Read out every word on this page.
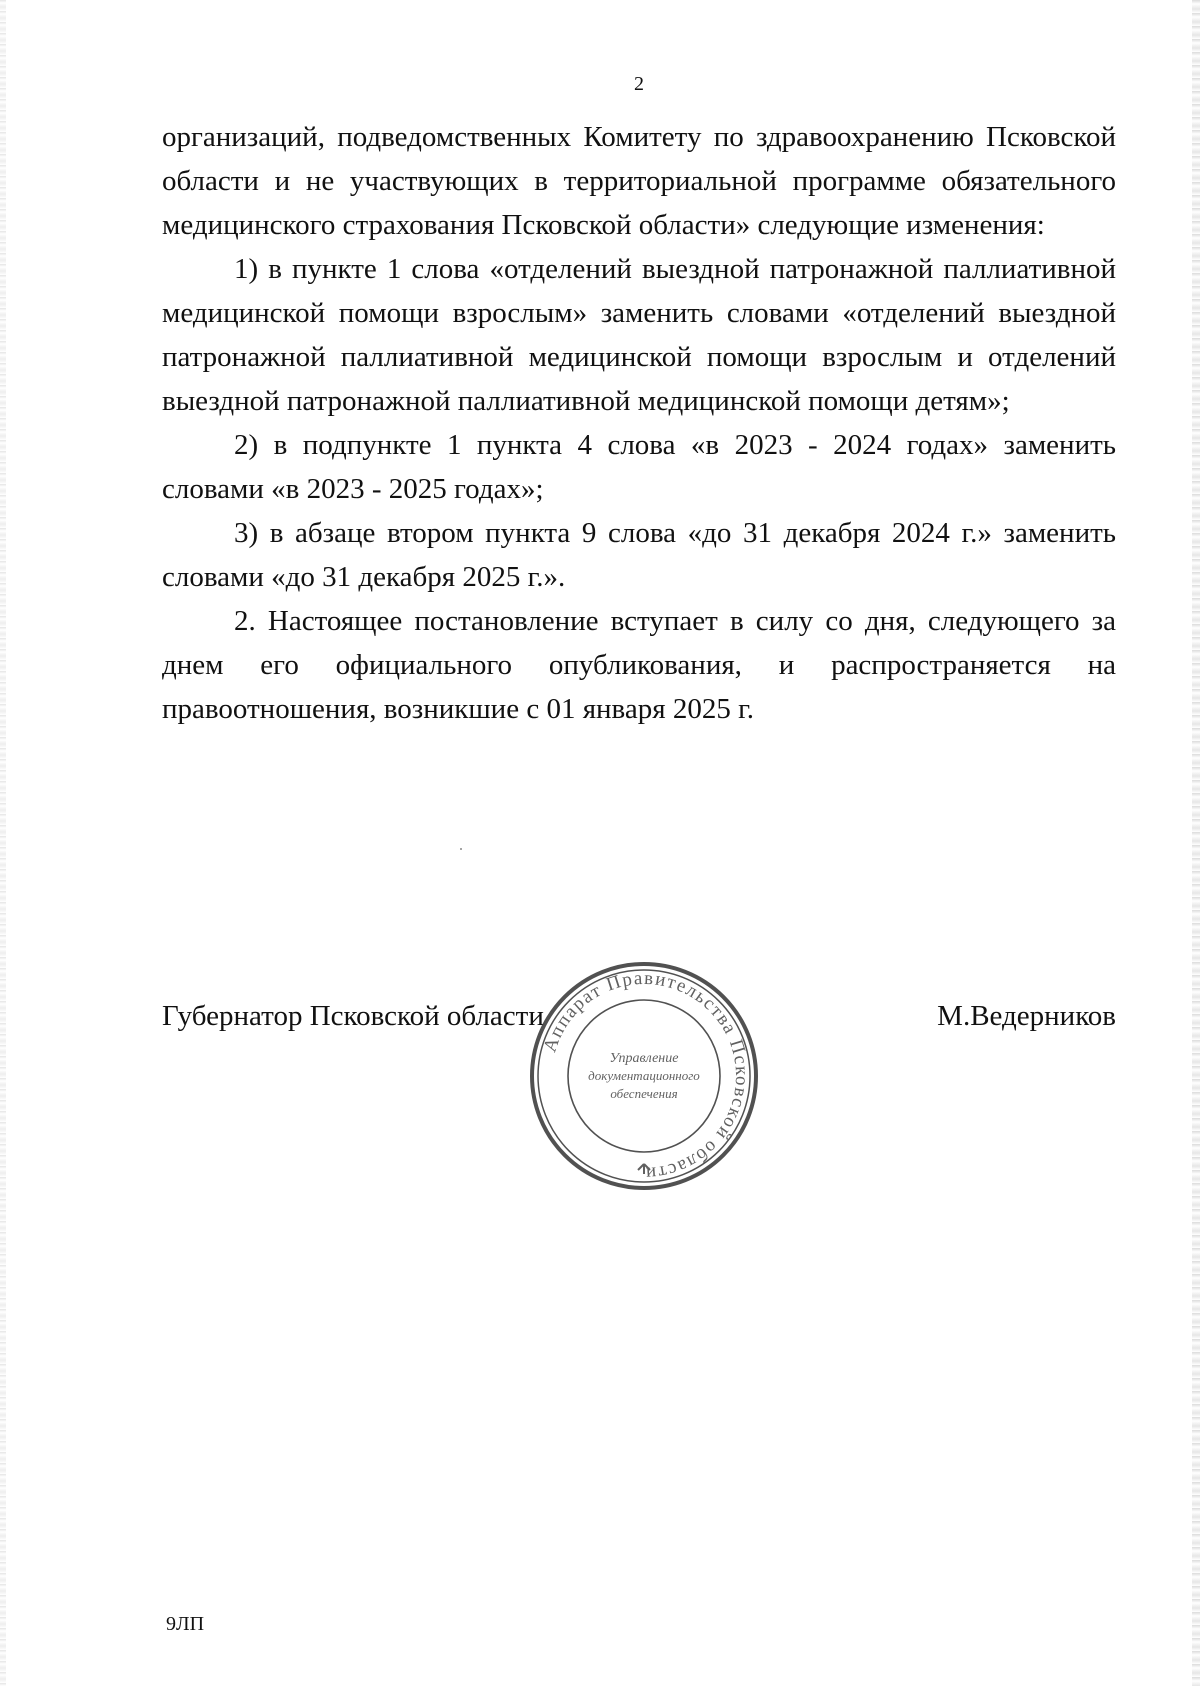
2

организаций, подведомственных Комитету по здравоохранению Псковской области и не участвующих в территориальной программе обязательного медицинского страхования Псковской области» следующие изменения:

1) в пункте 1 слова «отделений выездной патронажной паллиативной медицинской помощи взрослым» заменить словами «отделений выездной патронажной паллиативной медицинской помощи взрослым и отделений выездной патронажной паллиативной медицинской помощи детям»;

2) в подпункте 1 пункта 4 слова «в 2023 - 2024 годах» заменить словами «в 2023 - 2025 годах»;

3) в абзаце втором пункта 9 слова «до 31 декабря 2024 г.» заменить словами «до 31 декабря 2025 г.».

2. Настоящее постановление вступает в силу со дня, следующего за днем его официального опубликования, и распространяется на правоотношения, возникшие с 01 января 2025 г.

Губернатор Псковской области	М.Ведерников
Аппарат Правительства Псковской области
Управление
документационного
обеспечения
9ЛП
